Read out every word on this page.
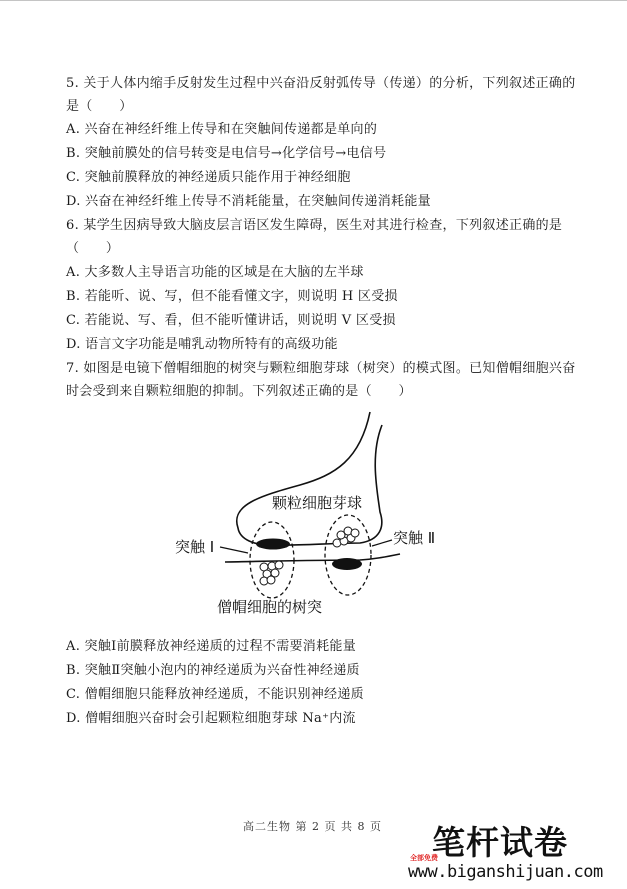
5. 关于人体内缩手反射发生过程中兴奋沿反射弧传导（传递）的分析，下列叙述正确的
是（　　）
A. 兴奋在神经纤维上传导和在突触间传递都是单向的
B. 突触前膜处的信号转变是电信号→化学信号→电信号
C. 突触前膜释放的神经递质只能作用于神经细胞
D. 兴奋在神经纤维上传导不消耗能量，在突触间传递消耗能量
6. 某学生因病导致大脑皮层言语区发生障碍，医生对其进行检查，下列叙述正确的是
（　　）
A. 大多数人主导语言功能的区域是在大脑的左半球
B. 若能听、说、写，但不能看懂文字，则说明 H 区受损
C. 若能说、写、看，但不能听懂讲话，则说明 V 区受损
D. 语言文字功能是哺乳动物所特有的高级功能
7. 如图是电镜下僧帽细胞的树突与颗粒细胞芽球（树突）的模式图。已知僧帽细胞兴奋
时会受到来自颗粒细胞的抑制。下列叙述正确的是（　　）
颗粒细胞芽球
突触 Ⅰ	突触 Ⅱ
僧帽细胞的树突
A. 突触Ⅰ前膜释放神经递质的过程不需要消耗能量
B. 突触Ⅱ突触小泡内的神经递质为兴奋性神经递质
C. 僧帽细胞只能释放神经递质，不能识别神经递质
D. 僧帽细胞兴奋时会引起颗粒细胞芽球 Na⁺内流
高二生物 第 2 页 共 8 页 笔杆试卷
全部免费
www.biganshijuan.com
